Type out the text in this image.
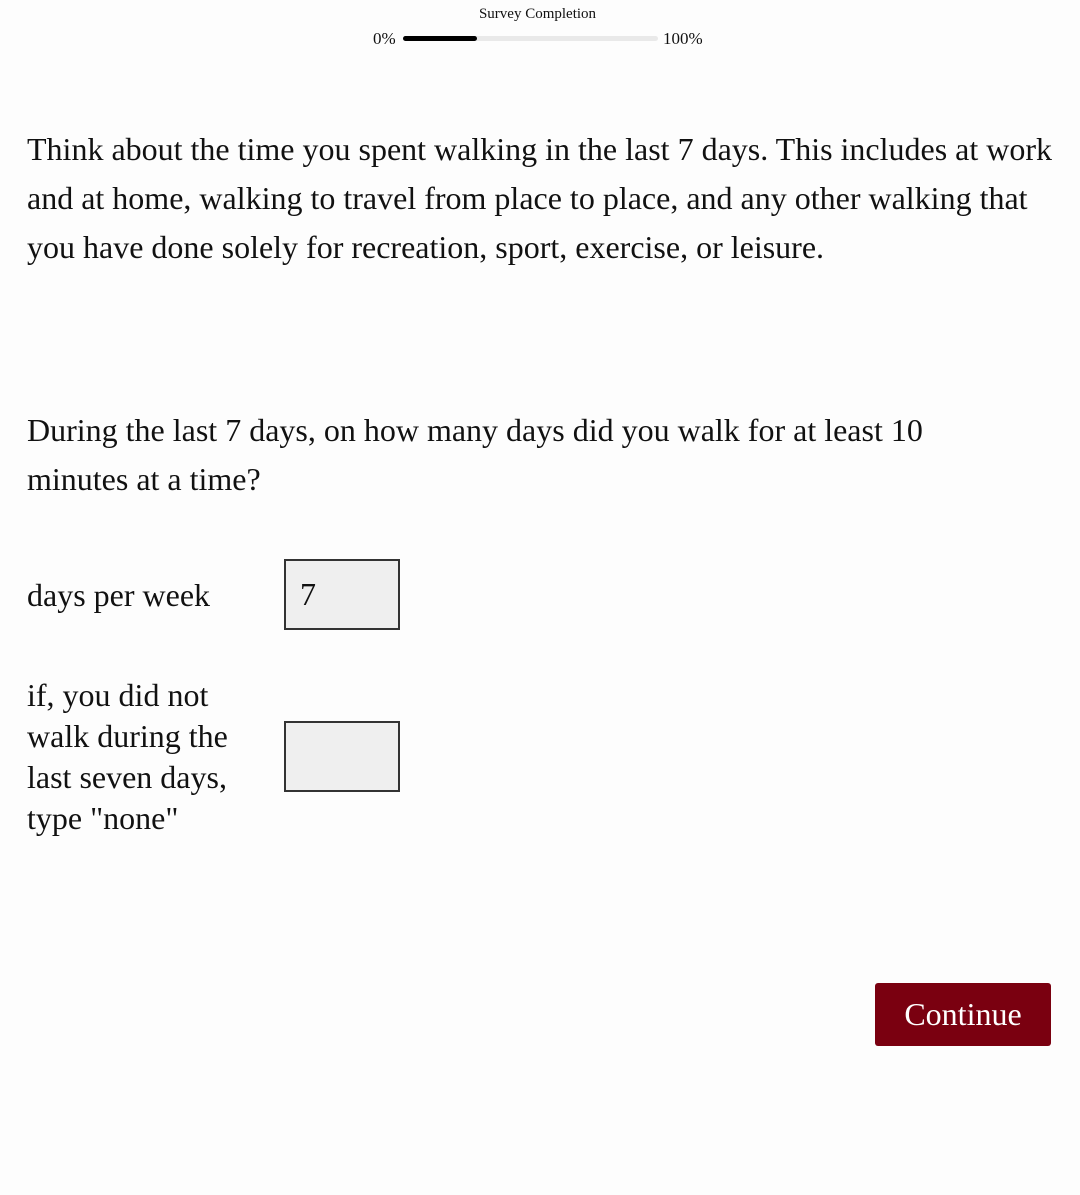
Survey Completion
0%	100%

Think about the time you spent walking in the last 7 days. This includes at work and at home, walking to travel from place to place, and any other walking that you have done solely for recreation, sport, exercise, or leisure.

During the last 7 days, on how many days did you walk for at least 10 minutes at a time?

days per week
7
if, you did not walk during the last seven days, type "none"
Continue
